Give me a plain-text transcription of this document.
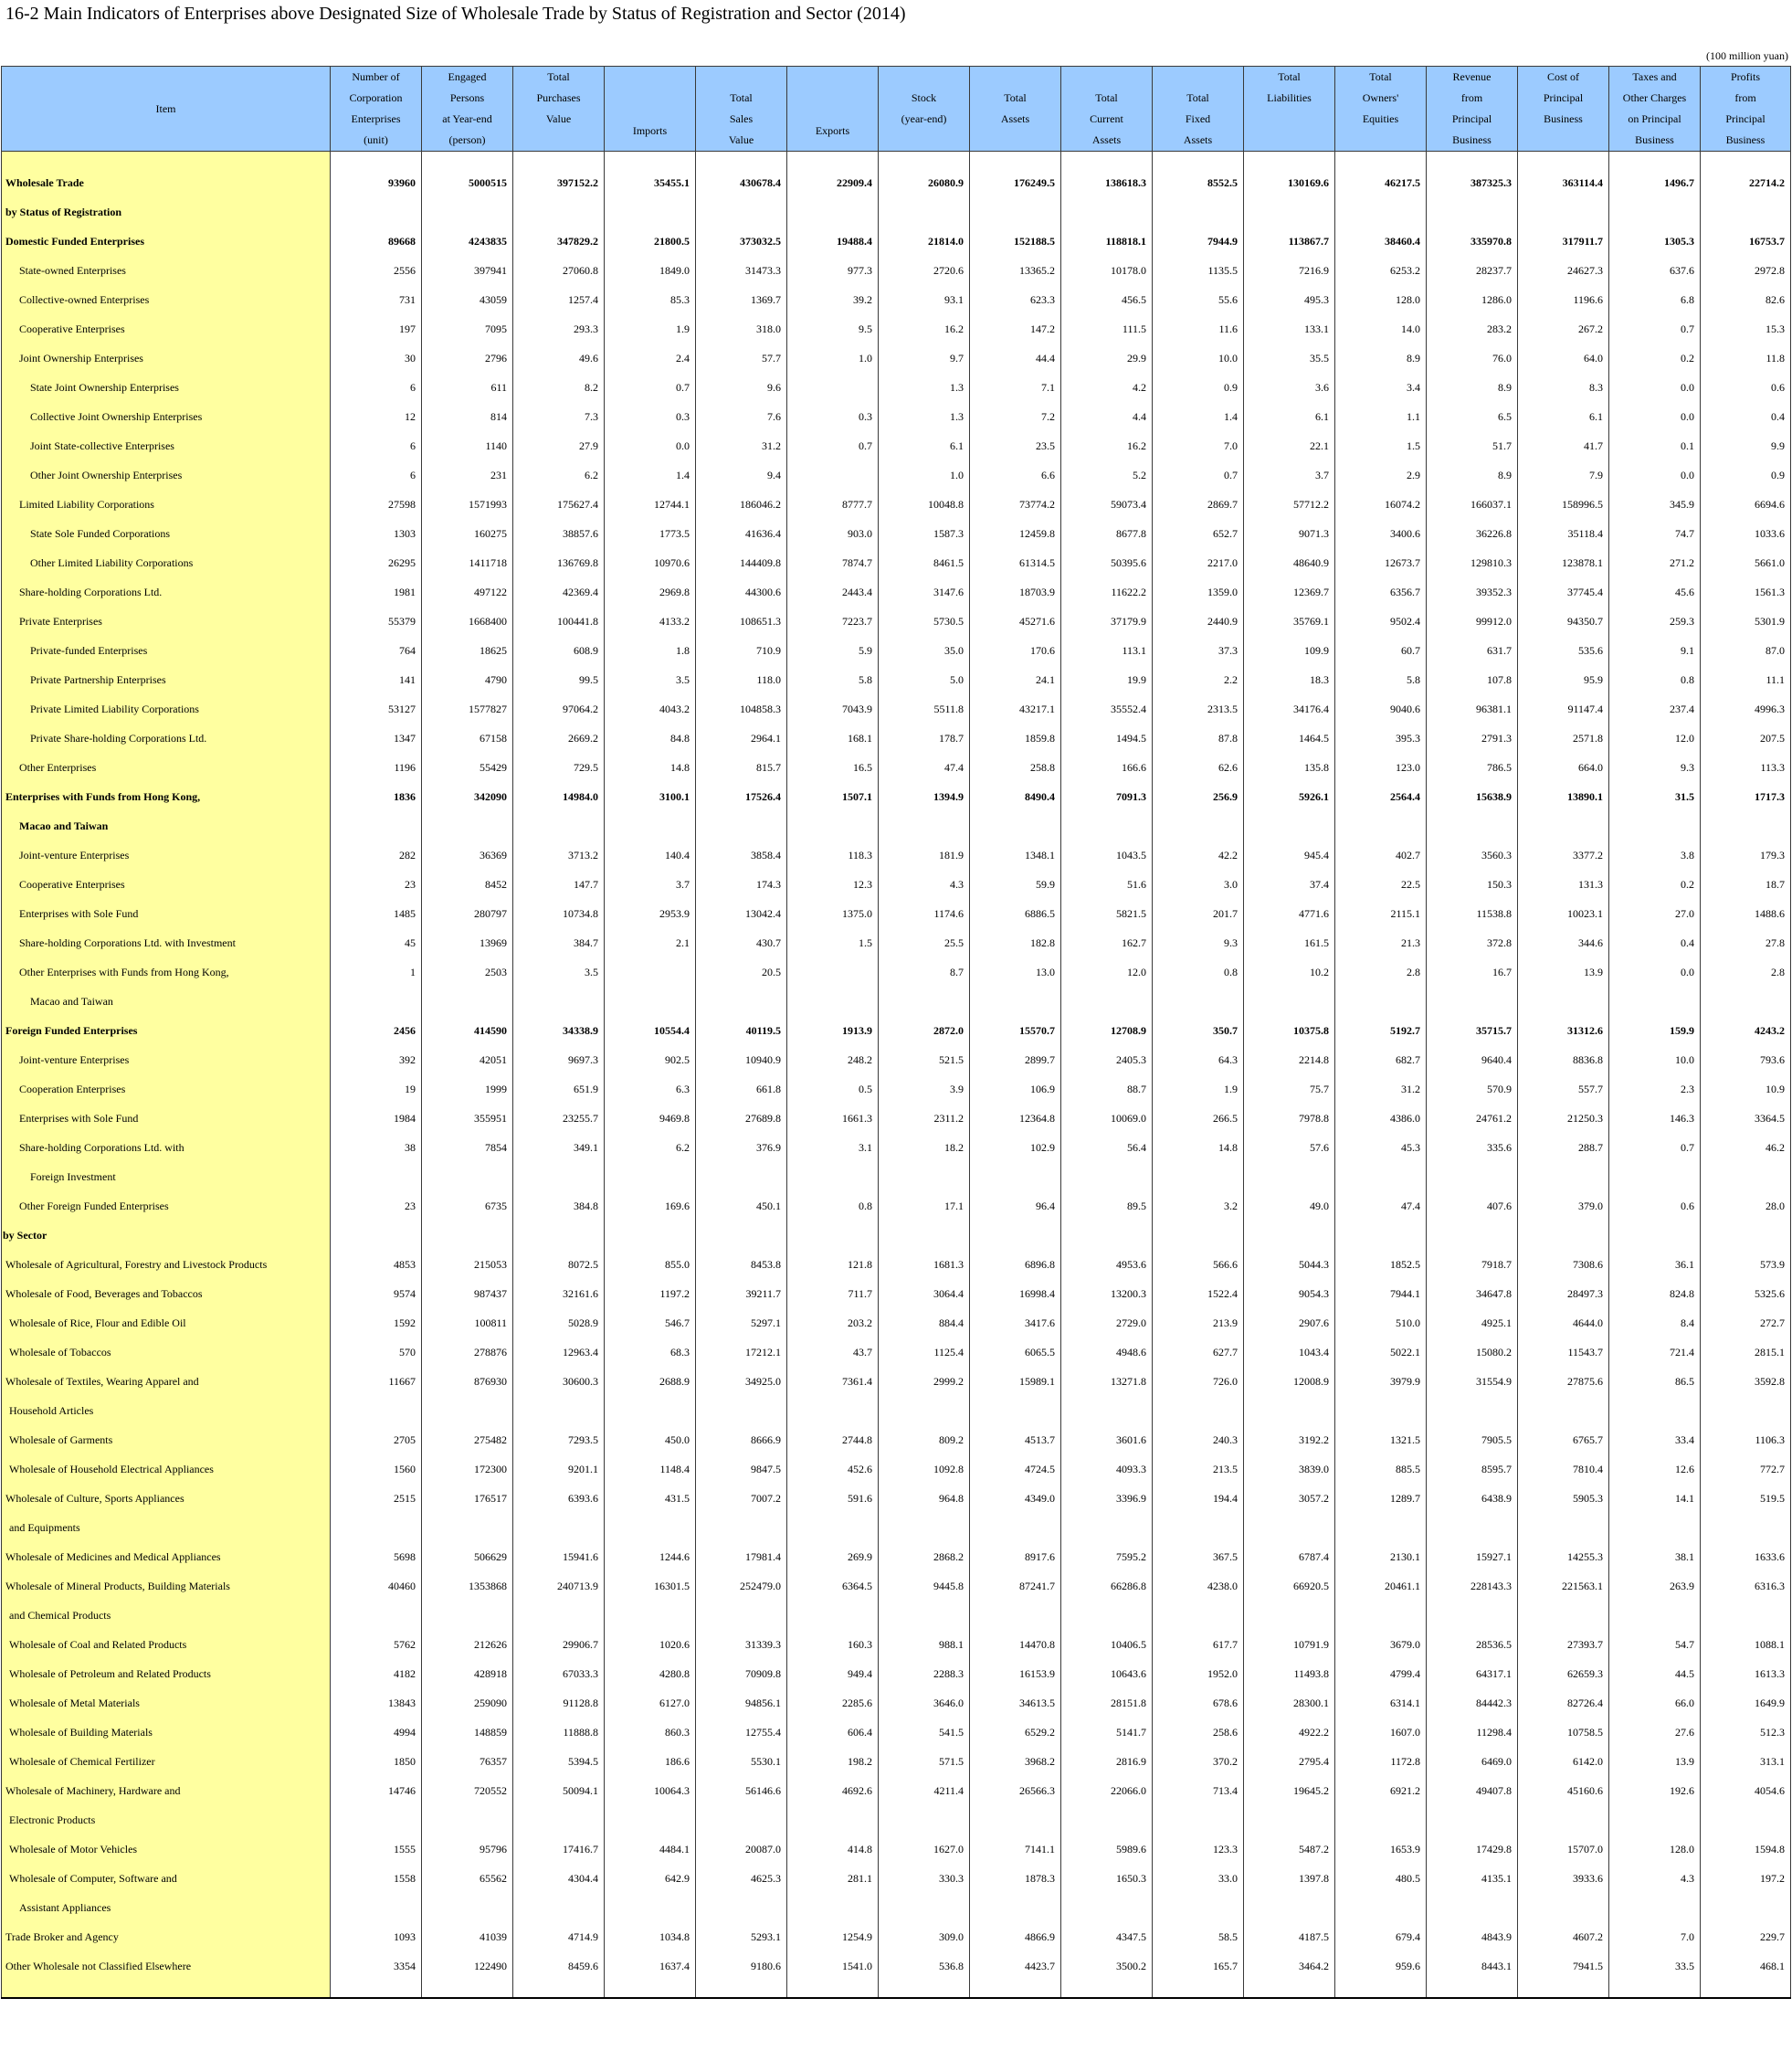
16-2 Main Indicators of Enterprises above Designated Size of Wholesale Trade by Status of Registration and Sector (2014)
(100 million yuan)
Item	Number of
Corporation
Enterprises
(unit)	Engaged
Persons
at Year-end
(person)	Total
Purchases
Value	Imports	Total
Sales
Value	Exports	Stock
(year-end)	Total
Assets	Total
Current
Assets	Total
Fixed
Assets	Total
Liabilities	Total
Owners'
Equities	Revenue
from
Principal
Business	Cost of
Principal
Business	Taxes and
Other Charges
on Principal
Business	Profits
from
Principal
Business

Wholesale Trade	93960	5000515	397152.2	35455.1	430678.4	22909.4	26080.9	176249.5	138618.3	8552.5	130169.6	46217.5	387325.3	363114.4	1496.7	22714.2
by Status of Registration																
Domestic Funded Enterprises	89668	4243835	347829.2	21800.5	373032.5	19488.4	21814.0	152188.5	118818.1	7944.9	113867.7	38460.4	335970.8	317911.7	1305.3	16753.7
State-owned Enterprises	2556	397941	27060.8	1849.0	31473.3	977.3	2720.6	13365.2	10178.0	1135.5	7216.9	6253.2	28237.7	24627.3	637.6	2972.8
Collective-owned Enterprises	731	43059	1257.4	85.3	1369.7	39.2	93.1	623.3	456.5	55.6	495.3	128.0	1286.0	1196.6	6.8	82.6
Cooperative Enterprises	197	7095	293.3	1.9	318.0	9.5	16.2	147.2	111.5	11.6	133.1	14.0	283.2	267.2	0.7	15.3
Joint Ownership Enterprises	30	2796	49.6	2.4	57.7	1.0	9.7	44.4	29.9	10.0	35.5	8.9	76.0	64.0	0.2	11.8
State Joint Ownership Enterprises	6	611	8.2	0.7	9.6		1.3	7.1	4.2	0.9	3.6	3.4	8.9	8.3	0.0	0.6
Collective Joint Ownership Enterprises	12	814	7.3	0.3	7.6	0.3	1.3	7.2	4.4	1.4	6.1	1.1	6.5	6.1	0.0	0.4
Joint State-collective Enterprises	6	1140	27.9	0.0	31.2	0.7	6.1	23.5	16.2	7.0	22.1	1.5	51.7	41.7	0.1	9.9
Other Joint Ownership Enterprises	6	231	6.2	1.4	9.4		1.0	6.6	5.2	0.7	3.7	2.9	8.9	7.9	0.0	0.9
Limited Liability Corporations	27598	1571993	175627.4	12744.1	186046.2	8777.7	10048.8	73774.2	59073.4	2869.7	57712.2	16074.2	166037.1	158996.5	345.9	6694.6
State Sole Funded Corporations	1303	160275	38857.6	1773.5	41636.4	903.0	1587.3	12459.8	8677.8	652.7	9071.3	3400.6	36226.8	35118.4	74.7	1033.6
Other Limited Liability Corporations	26295	1411718	136769.8	10970.6	144409.8	7874.7	8461.5	61314.5	50395.6	2217.0	48640.9	12673.7	129810.3	123878.1	271.2	5661.0
Share-holding Corporations Ltd.	1981	497122	42369.4	2969.8	44300.6	2443.4	3147.6	18703.9	11622.2	1359.0	12369.7	6356.7	39352.3	37745.4	45.6	1561.3
Private Enterprises	55379	1668400	100441.8	4133.2	108651.3	7223.7	5730.5	45271.6	37179.9	2440.9	35769.1	9502.4	99912.0	94350.7	259.3	5301.9
Private-funded Enterprises	764	18625	608.9	1.8	710.9	5.9	35.0	170.6	113.1	37.3	109.9	60.7	631.7	535.6	9.1	87.0
Private Partnership Enterprises	141	4790	99.5	3.5	118.0	5.8	5.0	24.1	19.9	2.2	18.3	5.8	107.8	95.9	0.8	11.1
Private Limited Liability Corporations	53127	1577827	97064.2	4043.2	104858.3	7043.9	5511.8	43217.1	35552.4	2313.5	34176.4	9040.6	96381.1	91147.4	237.4	4996.3
Private Share-holding Corporations Ltd.	1347	67158	2669.2	84.8	2964.1	168.1	178.7	1859.8	1494.5	87.8	1464.5	395.3	2791.3	2571.8	12.0	207.5
Other Enterprises	1196	55429	729.5	14.8	815.7	16.5	47.4	258.8	166.6	62.6	135.8	123.0	786.5	664.0	9.3	113.3
Enterprises with Funds from Hong Kong,	1836	342090	14984.0	3100.1	17526.4	1507.1	1394.9	8490.4	7091.3	256.9	5926.1	2564.4	15638.9	13890.1	31.5	1717.3
Macao and Taiwan																
Joint-venture Enterprises	282	36369	3713.2	140.4	3858.4	118.3	181.9	1348.1	1043.5	42.2	945.4	402.7	3560.3	3377.2	3.8	179.3
Cooperative Enterprises	23	8452	147.7	3.7	174.3	12.3	4.3	59.9	51.6	3.0	37.4	22.5	150.3	131.3	0.2	18.7
Enterprises with Sole Fund	1485	280797	10734.8	2953.9	13042.4	1375.0	1174.6	6886.5	5821.5	201.7	4771.6	2115.1	11538.8	10023.1	27.0	1488.6
Share-holding Corporations Ltd. with Investment	45	13969	384.7	2.1	430.7	1.5	25.5	182.8	162.7	9.3	161.5	21.3	372.8	344.6	0.4	27.8
Other Enterprises with Funds from Hong Kong,	1	2503	3.5		20.5		8.7	13.0	12.0	0.8	10.2	2.8	16.7	13.9	0.0	2.8
Macao and Taiwan																
Foreign Funded Enterprises	2456	414590	34338.9	10554.4	40119.5	1913.9	2872.0	15570.7	12708.9	350.7	10375.8	5192.7	35715.7	31312.6	159.9	4243.2
Joint-venture Enterprises	392	42051	9697.3	902.5	10940.9	248.2	521.5	2899.7	2405.3	64.3	2214.8	682.7	9640.4	8836.8	10.0	793.6
Cooperation Enterprises	19	1999	651.9	6.3	661.8	0.5	3.9	106.9	88.7	1.9	75.7	31.2	570.9	557.7	2.3	10.9
Enterprises with Sole Fund	1984	355951	23255.7	9469.8	27689.8	1661.3	2311.2	12364.8	10069.0	266.5	7978.8	4386.0	24761.2	21250.3	146.3	3364.5
Share-holding Corporations Ltd. with	38	7854	349.1	6.2	376.9	3.1	18.2	102.9	56.4	14.8	57.6	45.3	335.6	288.7	0.7	46.2
Foreign Investment																
Other Foreign Funded Enterprises	23	6735	384.8	169.6	450.1	0.8	17.1	96.4	89.5	3.2	49.0	47.4	407.6	379.0	0.6	28.0
by Sector																
Wholesale of Agricultural, Forestry and Livestock Products	4853	215053	8072.5	855.0	8453.8	121.8	1681.3	6896.8	4953.6	566.6	5044.3	1852.5	7918.7	7308.6	36.1	573.9
Wholesale of Food, Beverages and Tobaccos	9574	987437	32161.6	1197.2	39211.7	711.7	3064.4	16998.4	13200.3	1522.4	9054.3	7944.1	34647.8	28497.3	824.8	5325.6
Wholesale of Rice, Flour and Edible Oil	1592	100811	5028.9	546.7	5297.1	203.2	884.4	3417.6	2729.0	213.9	2907.6	510.0	4925.1	4644.0	8.4	272.7
Wholesale of Tobaccos	570	278876	12963.4	68.3	17212.1	43.7	1125.4	6065.5	4948.6	627.7	1043.4	5022.1	15080.2	11543.7	721.4	2815.1
Wholesale of Textiles, Wearing Apparel and	11667	876930	30600.3	2688.9	34925.0	7361.4	2999.2	15989.1	13271.8	726.0	12008.9	3979.9	31554.9	27875.6	86.5	3592.8
Household Articles																
Wholesale of Garments	2705	275482	7293.5	450.0	8666.9	2744.8	809.2	4513.7	3601.6	240.3	3192.2	1321.5	7905.5	6765.7	33.4	1106.3
Wholesale of Household Electrical Appliances	1560	172300	9201.1	1148.4	9847.5	452.6	1092.8	4724.5	4093.3	213.5	3839.0	885.5	8595.7	7810.4	12.6	772.7
Wholesale of Culture, Sports Appliances	2515	176517	6393.6	431.5	7007.2	591.6	964.8	4349.0	3396.9	194.4	3057.2	1289.7	6438.9	5905.3	14.1	519.5
and Equipments																
Wholesale of Medicines and Medical Appliances	5698	506629	15941.6	1244.6	17981.4	269.9	2868.2	8917.6	7595.2	367.5	6787.4	2130.1	15927.1	14255.3	38.1	1633.6
Wholesale of Mineral Products, Building Materials	40460	1353868	240713.9	16301.5	252479.0	6364.5	9445.8	87241.7	66286.8	4238.0	66920.5	20461.1	228143.3	221563.1	263.9	6316.3
and Chemical Products																
Wholesale of Coal and Related Products	5762	212626	29906.7	1020.6	31339.3	160.3	988.1	14470.8	10406.5	617.7	10791.9	3679.0	28536.5	27393.7	54.7	1088.1
Wholesale of Petroleum and Related Products	4182	428918	67033.3	4280.8	70909.8	949.4	2288.3	16153.9	10643.6	1952.0	11493.8	4799.4	64317.1	62659.3	44.5	1613.3
Wholesale of Metal Materials	13843	259090	91128.8	6127.0	94856.1	2285.6	3646.0	34613.5	28151.8	678.6	28300.1	6314.1	84442.3	82726.4	66.0	1649.9
Wholesale of Building Materials	4994	148859	11888.8	860.3	12755.4	606.4	541.5	6529.2	5141.7	258.6	4922.2	1607.0	11298.4	10758.5	27.6	512.3
Wholesale of Chemical Fertilizer	1850	76357	5394.5	186.6	5530.1	198.2	571.5	3968.2	2816.9	370.2	2795.4	1172.8	6469.0	6142.0	13.9	313.1
Wholesale of Machinery, Hardware and	14746	720552	50094.1	10064.3	56146.6	4692.6	4211.4	26566.3	22066.0	713.4	19645.2	6921.2	49407.8	45160.6	192.6	4054.6
Electronic Products																
Wholesale of Motor Vehicles	1555	95796	17416.7	4484.1	20087.0	414.8	1627.0	7141.1	5989.6	123.3	5487.2	1653.9	17429.8	15707.0	128.0	1594.8
Wholesale of Computer, Software and	1558	65562	4304.4	642.9	4625.3	281.1	330.3	1878.3	1650.3	33.0	1397.8	480.5	4135.1	3933.6	4.3	197.2
Assistant Appliances																
Trade Broker and Agency	1093	41039	4714.9	1034.8	5293.1	1254.9	309.0	4866.9	4347.5	58.5	4187.5	679.4	4843.9	4607.2	7.0	229.7
Other Wholesale not Classified Elsewhere	3354	122490	8459.6	1637.4	9180.6	1541.0	536.8	4423.7	3500.2	165.7	3464.2	959.6	8443.1	7941.5	33.5	468.1
